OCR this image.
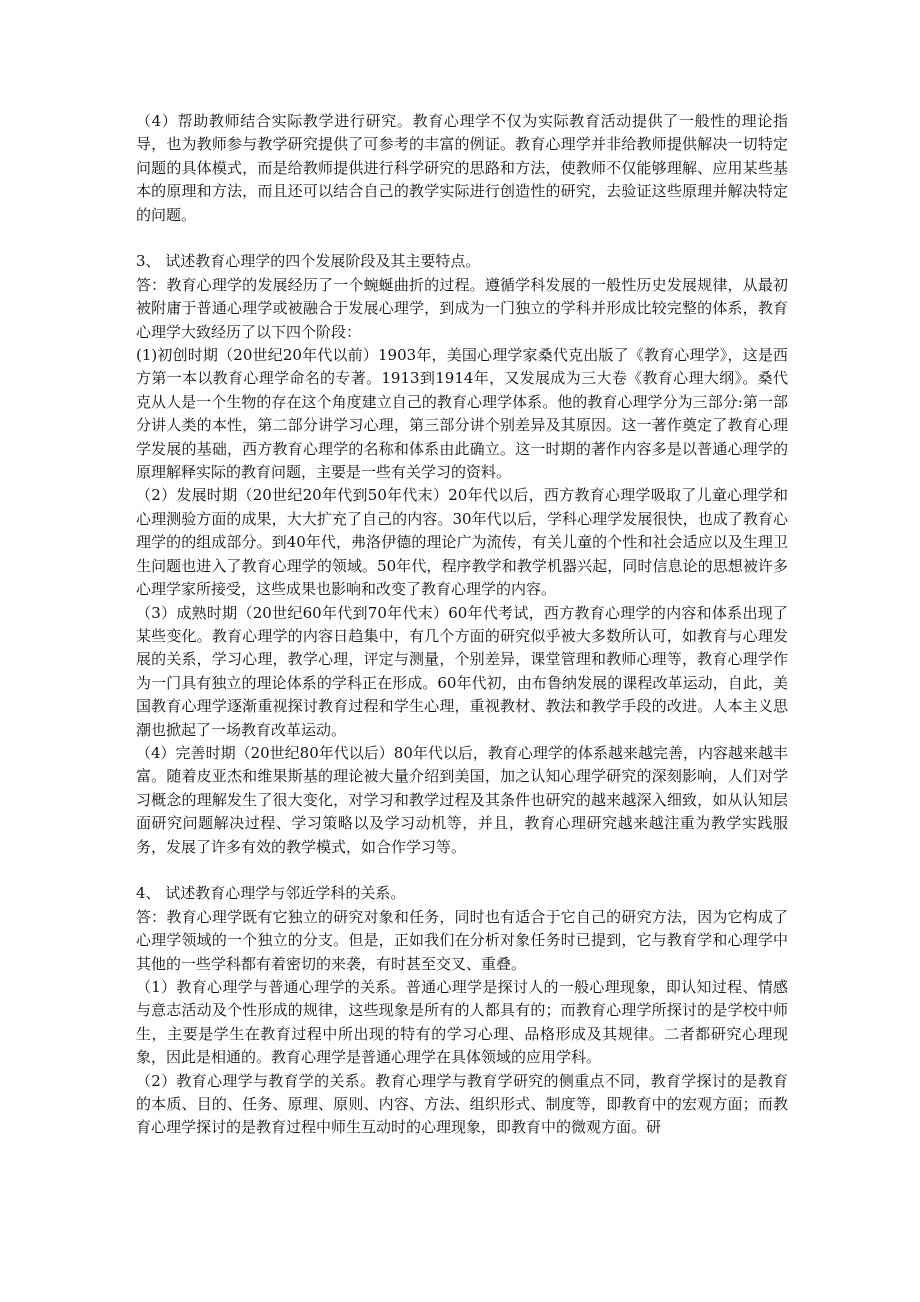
（4）帮助教师结合实际教学进行研究。教育心理学不仅为实际教育活动提供了一般性的理论指导，也为教师参与教学研究提供了可参考的丰富的例证。教育心理学并非给教师提供解决一切特定问题的具体模式，而是给教师提供进行科学研究的思路和方法，使教师不仅能够理解、应用某些基本的原理和方法，而且还可以结合自己的教学实际进行创造性的研究，去验证这些原理并解决特定的问题。

3、 试述教育心理学的四个发展阶段及其主要特点。

答：教育心理学的发展经历了一个蜿蜒曲折的过程。遵循学科发展的一般性历史发展规律，从最初被附庸于普通心理学或被融合于发展心理学，到成为一门独立的学科并形成比较完整的体系，教育心理学大致经历了以下四个阶段：

(1)初创时期（20世纪20年代以前）1903年，美国心理学家桑代克出版了《教育心理学》，这是西方第一本以教育心理学命名的专著。1913到1914年，又发展成为三大卷《教育心理大纲》。桑代克从人是一个生物的存在这个角度建立自己的教育心理学体系。他的教育心理学分为三部分:第一部分讲人类的本性，第二部分讲学习心理，第三部分讲个别差异及其原因。这一著作奠定了教育心理学发展的基础，西方教育心理学的名称和体系由此确立。这一时期的著作内容多是以普通心理学的原理解释实际的教育问题，主要是一些有关学习的资料。

（2）发展时期（20世纪20年代到50年代末）20年代以后，西方教育心理学吸取了儿童心理学和心理测验方面的成果，大大扩充了自己的内容。30年代以后，学科心理学发展很快，也成了教育心理学的的组成部分。到40年代，弗洛伊德的理论广为流传，有关儿童的个性和社会适应以及生理卫生问题也进入了教育心理学的领域。50年代，程序教学和教学机器兴起，同时信息论的思想被许多心理学家所接受，这些成果也影响和改变了教育心理学的内容。

（3）成熟时期（20世纪60年代到70年代末）60年代考试，西方教育心理学的内容和体系出现了某些变化。教育心理学的内容日趋集中，有几个方面的研究似乎被大多数所认可，如教育与心理发展的关系，学习心理，教学心理，评定与测量，个别差异，课堂管理和教师心理等，教育心理学作为一门具有独立的理论体系的学科正在形成。60年代初，由布鲁纳发展的课程改革运动，自此，美国教育心理学逐渐重视探讨教育过程和学生心理，重视教材、教法和教学手段的改进。人本主义思潮也掀起了一场教育改革运动。

（4）完善时期（20世纪80年代以后）80年代以后，教育心理学的体系越来越完善，内容越来越丰富。随着皮亚杰和维果斯基的理论被大量介绍到美国，加之认知心理学研究的深刻影响，人们对学习概念的理解发生了很大变化，对学习和教学过程及其条件也研究的越来越深入细致，如从认知层面研究问题解决过程、学习策略以及学习动机等，并且，教育心理研究越来越注重为教学实践服务，发展了许多有效的教学模式，如合作学习等。

4、 试述教育心理学与邻近学科的关系。

答：教育心理学既有它独立的研究对象和任务，同时也有适合于它自己的研究方法，因为它构成了心理学领域的一个独立的分支。但是，正如我们在分析对象任务时已提到，它与教育学和心理学中其他的一些学科都有着密切的来袭，有时甚至交叉、重叠。

（1）教育心理学与普通心理学的关系。普通心理学是探讨人的一般心理现象，即认知过程、情感与意志活动及个性形成的规律，这些现象是所有的人都具有的；而教育心理学所探讨的是学校中师生，主要是学生在教育过程中所出现的特有的学习心理、品格形成及其规律。二者都研究心理现象，因此是相通的。教育心理学是普通心理学在具体领域的应用学科。

（2）教育心理学与教育学的关系。教育心理学与教育学研究的侧重点不同，教育学探讨的是教育的本质、目的、任务、原理、原则、内容、方法、组织形式、制度等，即教育中的宏观方面；而教育心理学探讨的是教育过程中师生互动时的心理现象，即教育中的微观方面。研
